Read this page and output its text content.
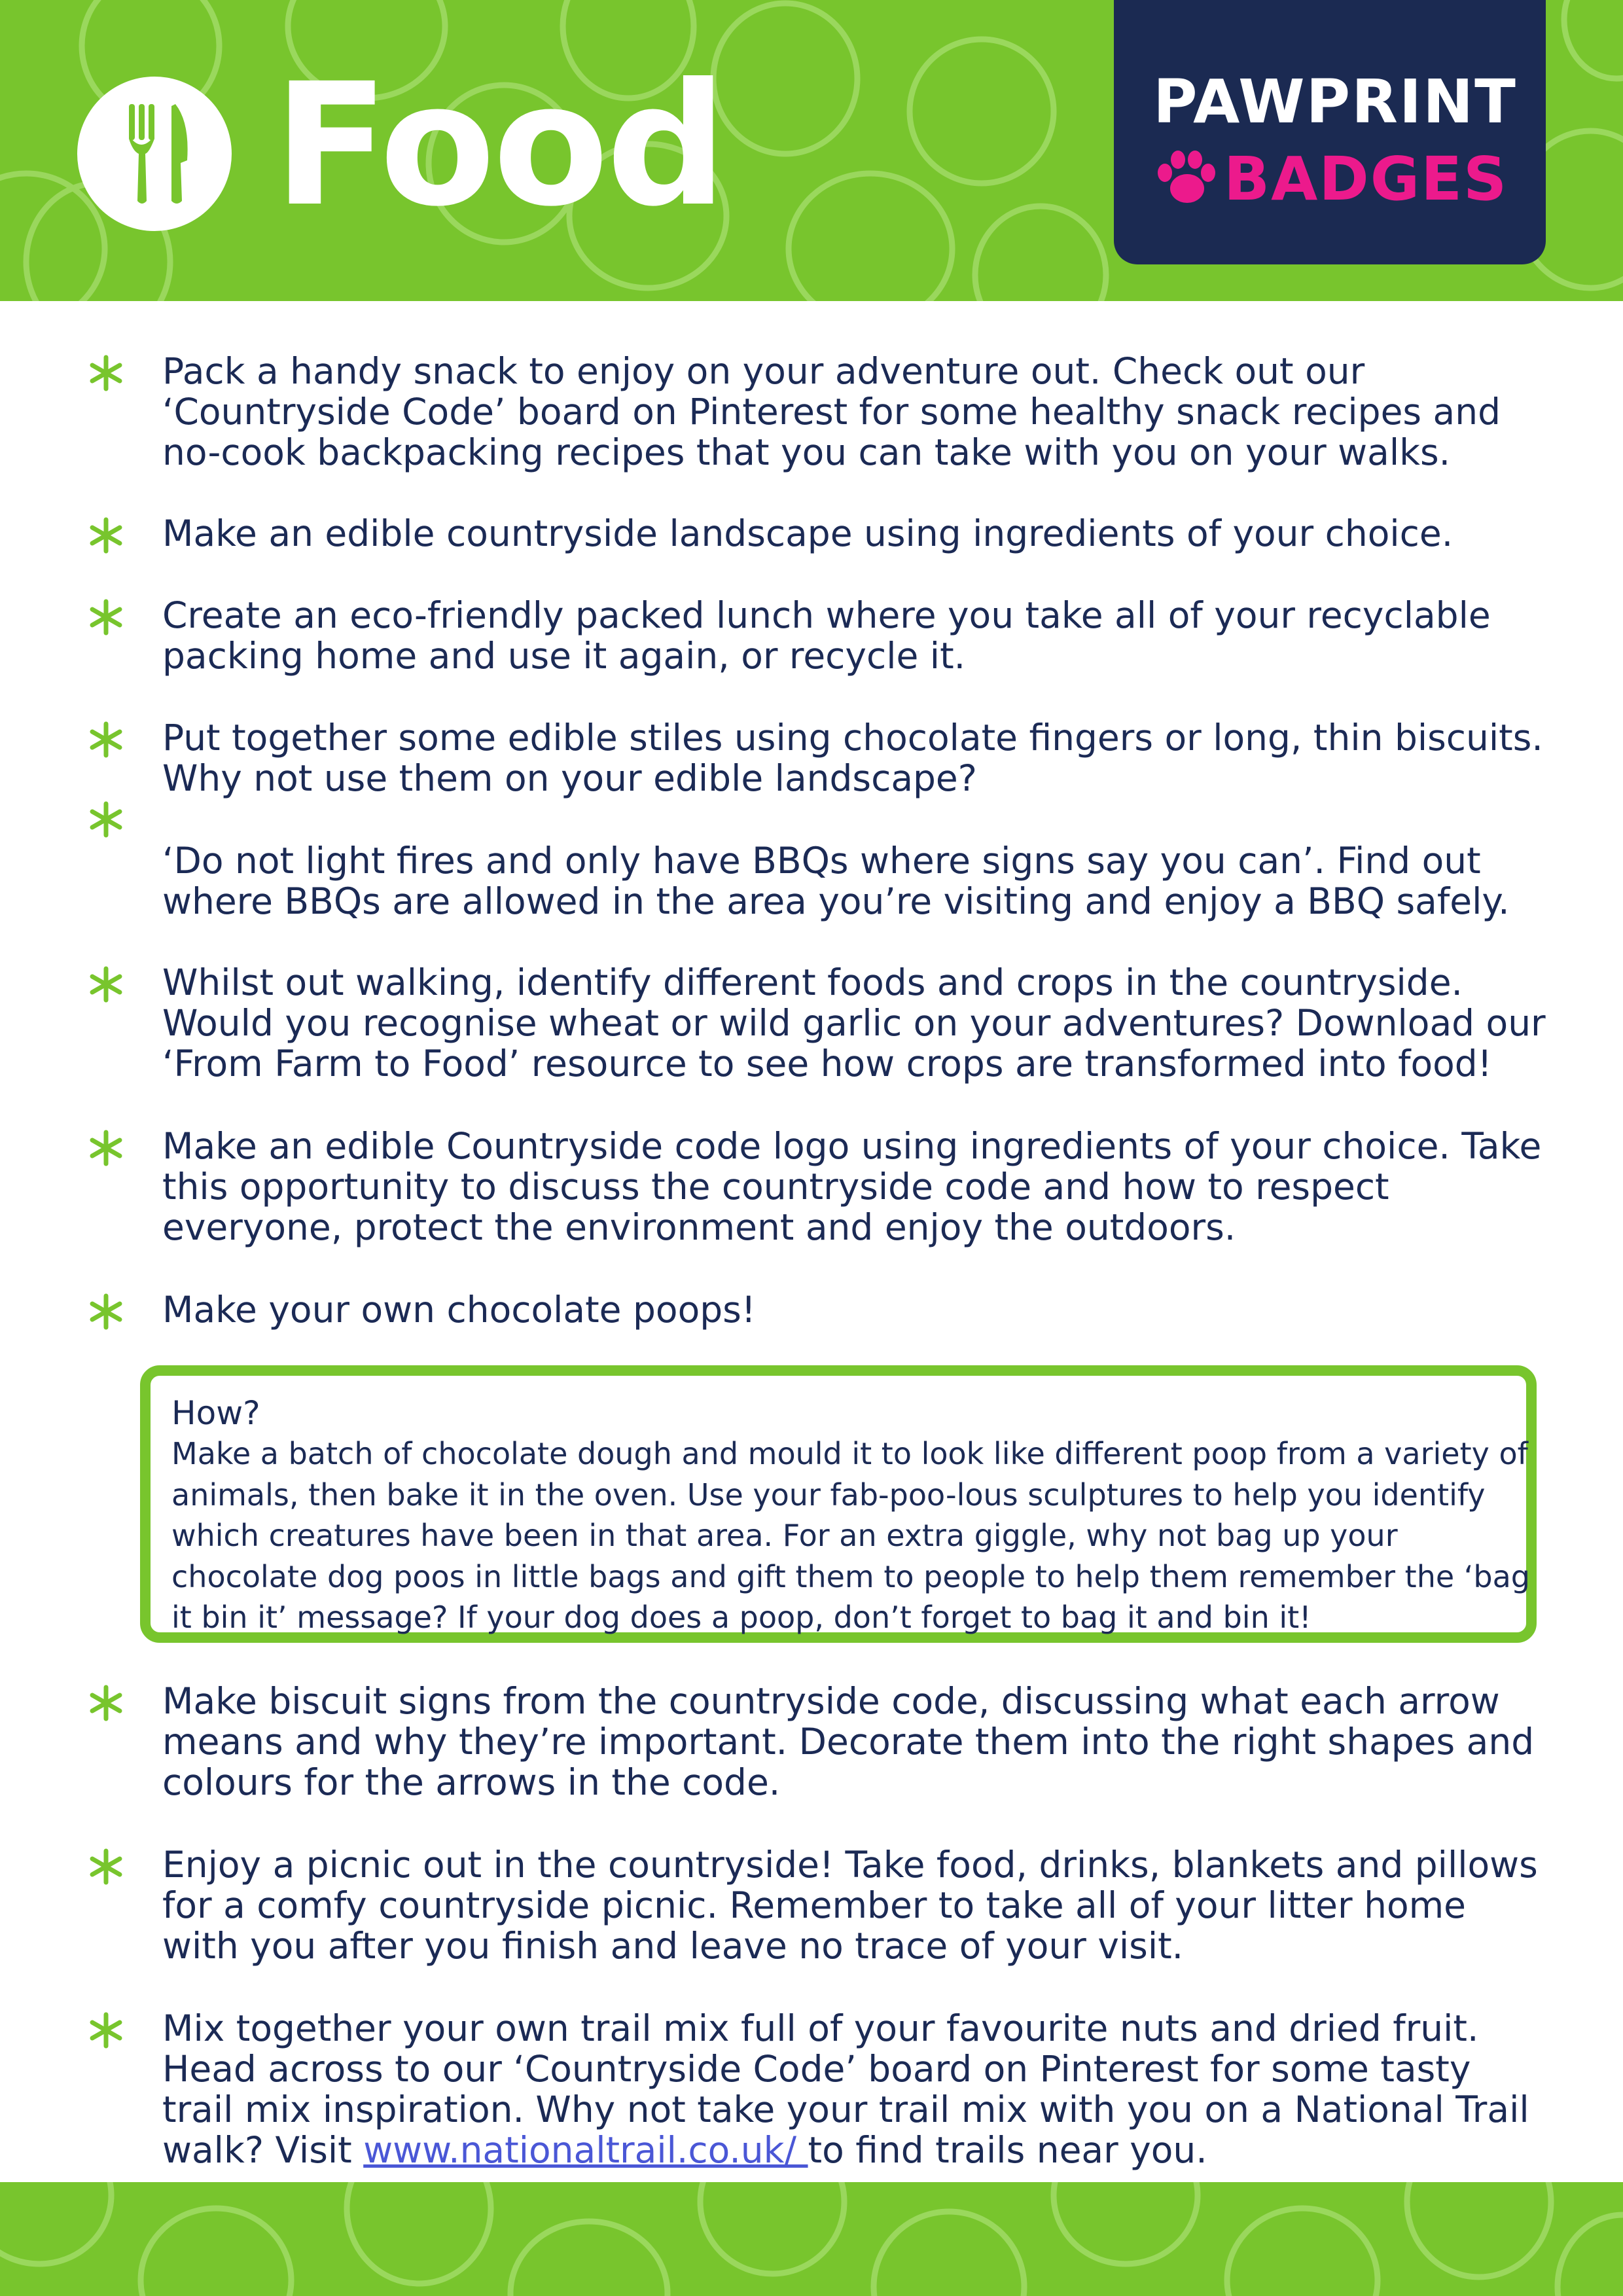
Food	PAWPRINT
BADGES
Pack a handy snack to enjoy on your adventure out. Check out our ‘Countryside Code’ board on Pinterest for some healthy snack recipes and no-cook backpacking recipes that you can take with you on your walks.
Make an edible countryside landscape using ingredients of your choice.
Create an eco-friendly packed lunch where you take all of your recyclable packing home and use it again, or recycle it.
Put together some edible stiles using chocolate fingers or long, thin biscuits. Why not use them on your edible landscape?
‘Do not light fires and only have BBQs where signs say you can’. Find out where BBQs are allowed in the area you’re visiting and enjoy a BBQ safely.
Whilst out walking, identify different foods and crops in the countryside. Would you recognise wheat or wild garlic on your adventures? Download our ‘From Farm to Food’ resource to see how crops are transformed into food!
Make an edible Countryside code logo using ingredients of your choice. Take this opportunity to discuss the countryside code and how to respect everyone, protect the environment and enjoy the outdoors.
Make your own chocolate poops!
How?
Make a batch of chocolate dough and mould it to look like different poop from a variety of animals, then bake it in the oven. Use your fab-poo-lous sculptures to help you identify which creatures have been in that area. For an extra giggle, why not bag up your chocolate dog poos in little bags and gift them to people to help them remember the ‘bag it bin it’ message? If your dog does a poop, don’t forget to bag it and bin it!
Make biscuit signs from the countryside code, discussing what each arrow means and why they’re important. Decorate them into the right shapes and colours for the arrows in the code.
Enjoy a picnic out in the countryside! Take food, drinks, blankets and pillows for a comfy countryside picnic. Remember to take all of your litter home with you after you finish and leave no trace of your visit.
Mix together your own trail mix full of your favourite nuts and dried fruit. Head across to our ‘Countryside Code’ board on Pinterest for some tasty trail mix inspiration. Why not take your trail mix with you on a National Trail walk? Visit www.nationaltrail.co.uk/ to find trails near you.
